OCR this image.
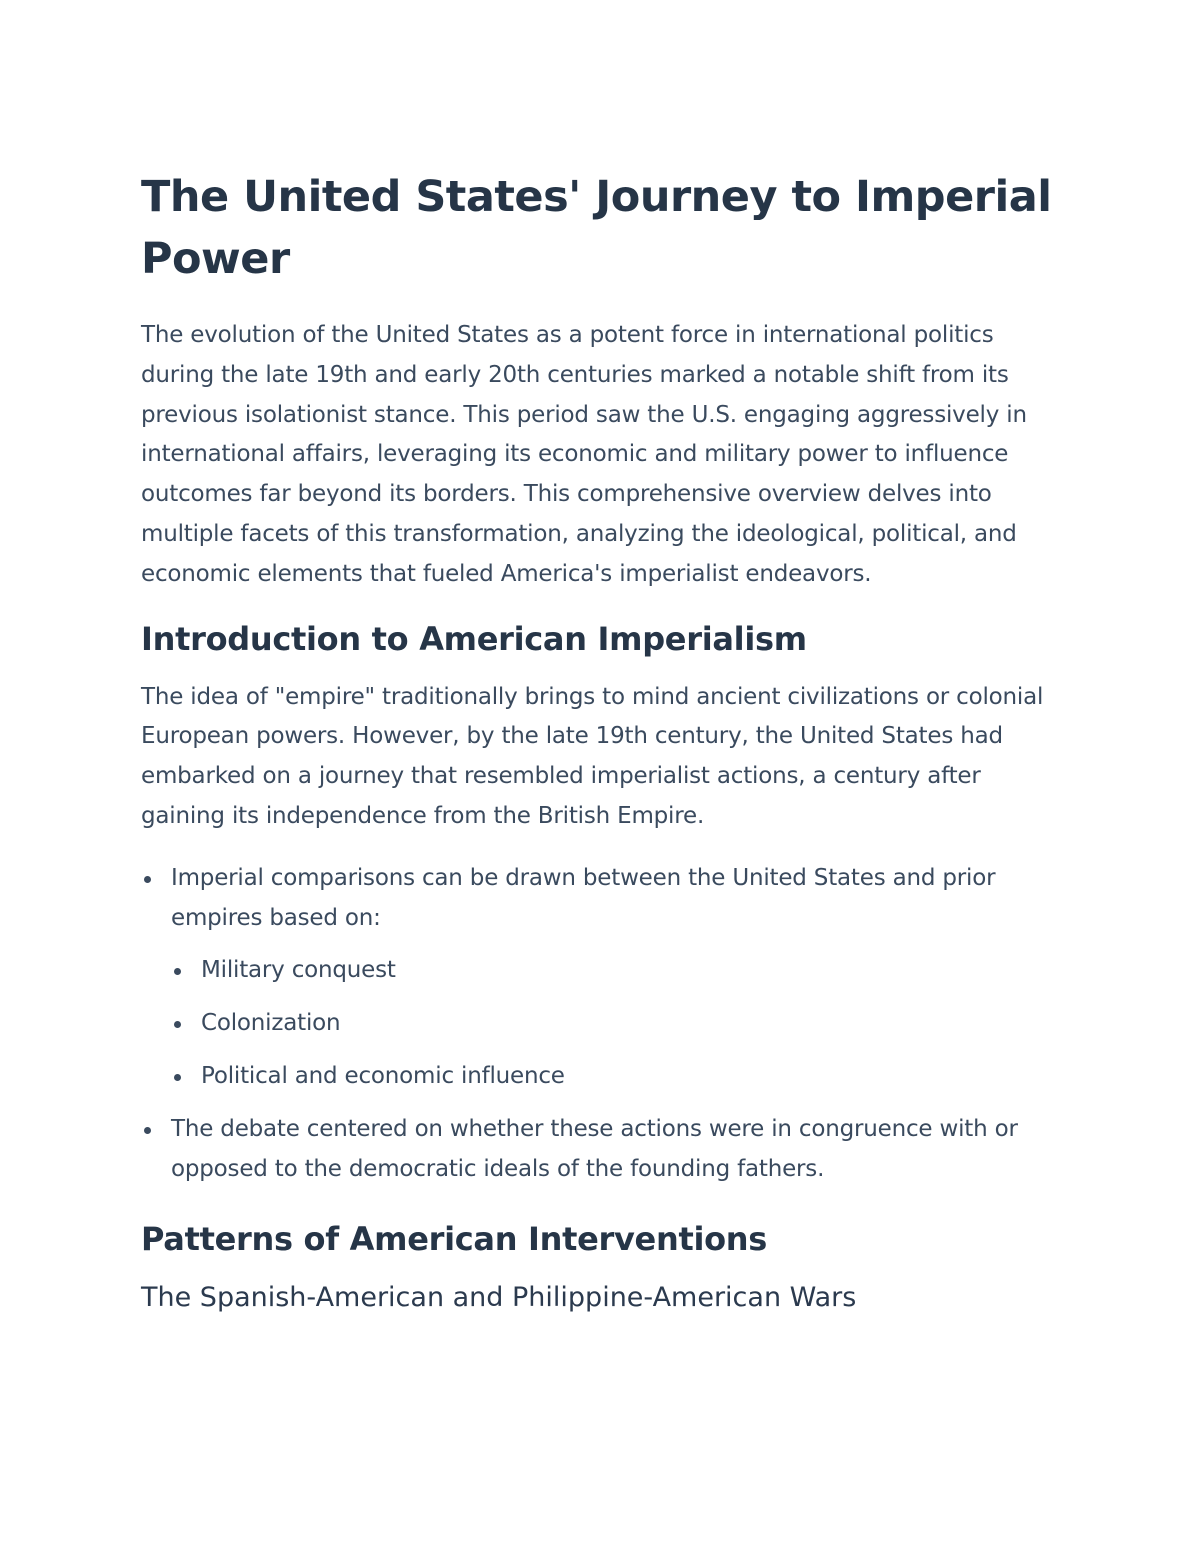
The United States' Journey to Imperial Power

The evolution of the United States as a potent force in international politics during the late 19th and early 20th centuries marked a notable shift from its previous isolationist stance. This period saw the U.S. engaging aggressively in international affairs, leveraging its economic and military power to influence outcomes far beyond its borders. This comprehensive overview delves into multiple facets of this transformation, analyzing the ideological, political, and economic elements that fueled America's imperialist endeavors.

Introduction to American Imperialism

The idea of "empire" traditionally brings to mind ancient civilizations or colonial European powers. However, by the late 19th century, the United States had embarked on a journey that resembled imperialist actions, a century after gaining its independence from the British Empire.

Imperial comparisons can be drawn between the United States and prior empires based on:
Military conquest
Colonization
Political and economic influence
The debate centered on whether these actions were in congruence with or opposed to the democratic ideals of the founding fathers.
Patterns of American Interventions
The Spanish-American and Philippine-American Wars
